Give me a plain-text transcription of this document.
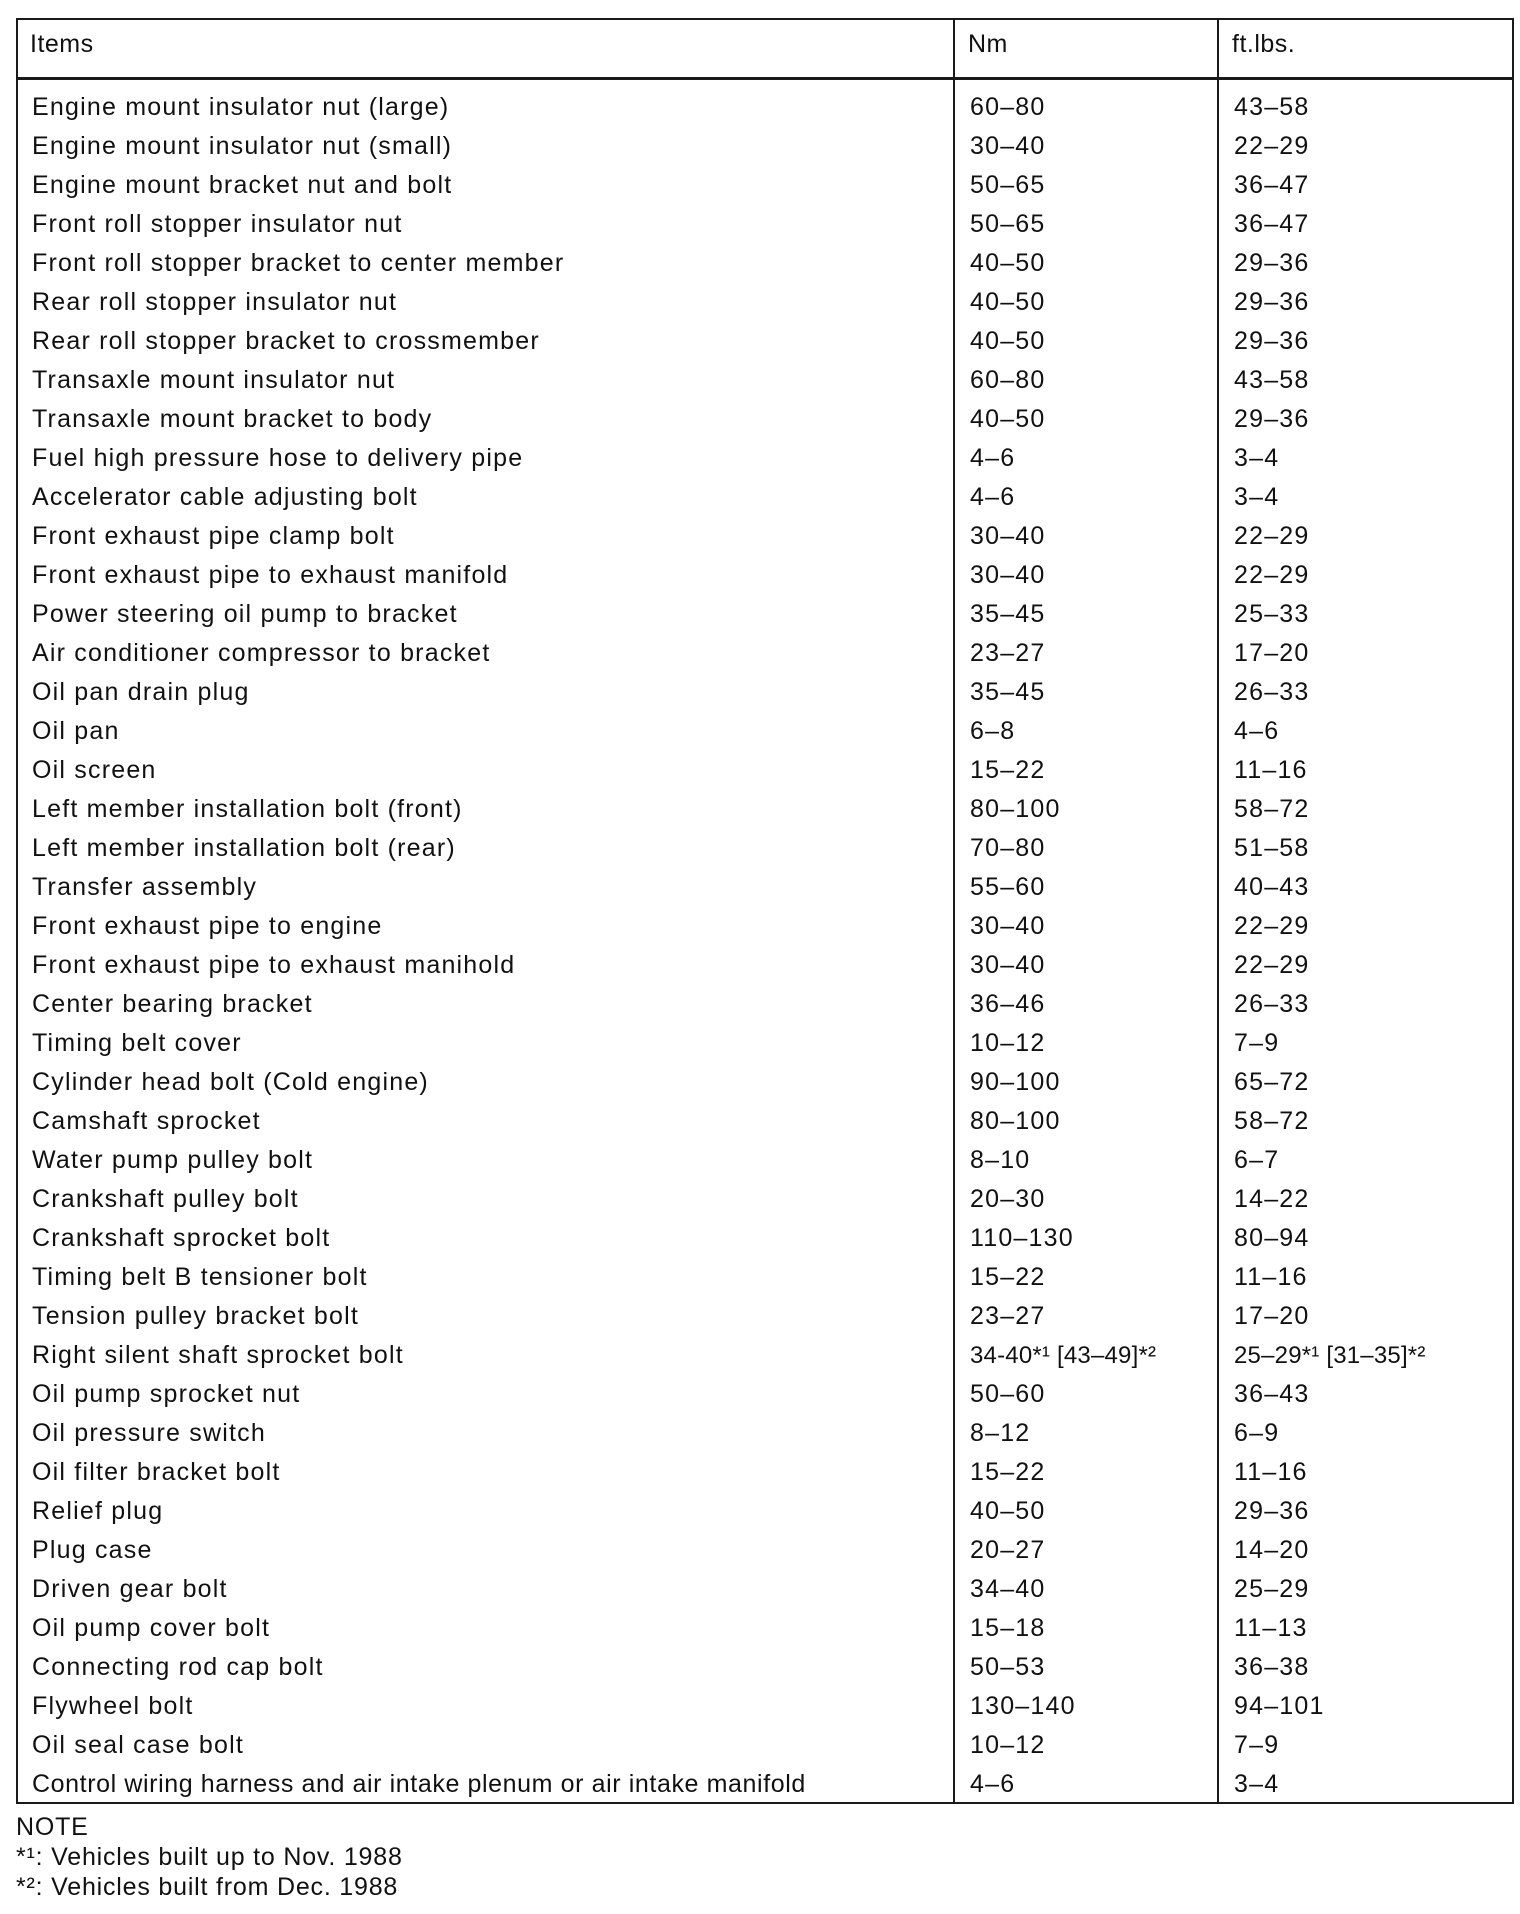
Items	Nm	ft.lbs.
Engine mount insulator nut (large)	60–80	43–58
Engine mount insulator nut (small)	30–40	22–29
Engine mount bracket nut and bolt	50–65	36–47
Front roll stopper insulator nut	50–65	36–47
Front roll stopper bracket to center member	40–50	29–36
Rear roll stopper insulator nut	40–50	29–36
Rear roll stopper bracket to crossmember	40–50	29–36
Transaxle mount insulator nut	60–80	43–58
Transaxle mount bracket to body	40–50	29–36
Fuel high pressure hose to delivery pipe	4–6	3–4
Accelerator cable adjusting bolt	4–6	3–4
Front exhaust pipe clamp bolt	30–40	22–29
Front exhaust pipe to exhaust manifold	30–40	22–29
Power steering oil pump to bracket	35–45	25–33
Air conditioner compressor to bracket	23–27	17–20
Oil pan drain plug	35–45	26–33
Oil pan	6–8	4–6
Oil screen	15–22	11–16
Left member installation bolt (front)	80–100	58–72
Left member installation bolt (rear)	70–80	51–58
Transfer assembly	55–60	40–43
Front exhaust pipe to engine	30–40	22–29
Front exhaust pipe to exhaust manihold	30–40	22–29
Center bearing bracket	36–46	26–33
Timing belt cover	10–12	7–9
Cylinder head bolt (Cold engine)	90–100	65–72
Camshaft sprocket	80–100	58–72
Water pump pulley bolt	8–10	6–7
Crankshaft pulley bolt	20–30	14–22
Crankshaft sprocket bolt	110–130	80–94
Timing belt B tensioner bolt	15–22	11–16
Tension pulley bracket bolt	23–27	17–20
Right silent shaft sprocket bolt	34-40*¹ [43–49]*²	25–29*¹ [31–35]*²
Oil pump sprocket nut	50–60	36–43
Oil pressure switch	8–12	6–9
Oil filter bracket bolt	15–22	11–16
Relief plug	40–50	29–36
Plug case	20–27	14–20
Driven gear bolt	34–40	25–29
Oil pump cover bolt	15–18	11–13
Connecting rod cap bolt	50–53	36–38
Flywheel bolt	130–140	94–101
Oil seal case bolt	10–12	7–9
Control wiring harness and air intake plenum or air intake manifold	4–6	3–4
NOTE
*¹: Vehicles built up to Nov. 1988
*²: Vehicles built from Dec. 1988
